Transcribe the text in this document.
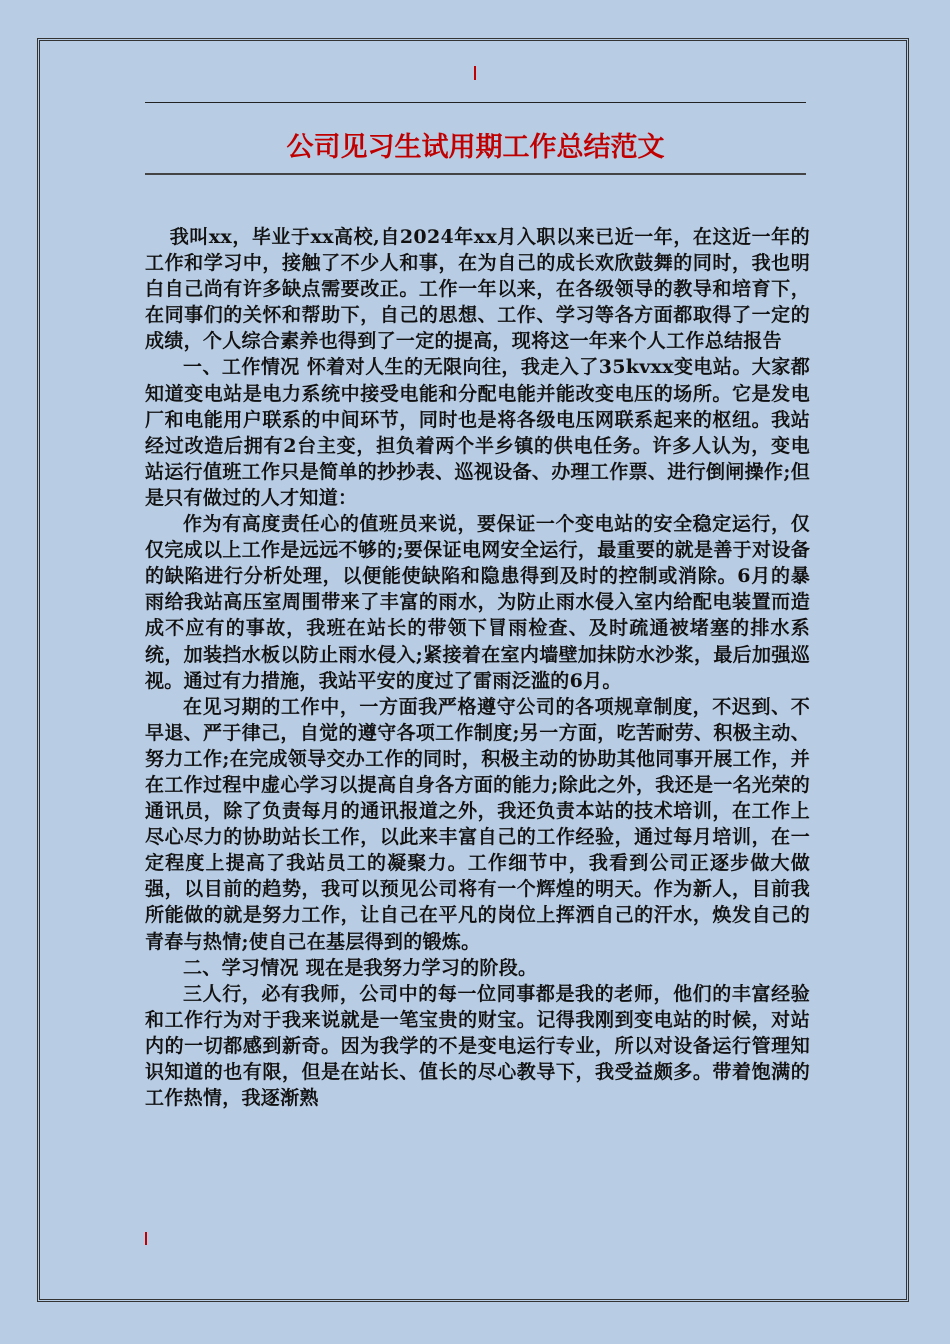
公司见习生试用期工作总结范文

我叫xx，毕业于xx高校,自2024年xx月入职以来已近一年，在这近一年的工作和学习中，接触了不少人和事，在为自己的成长欢欣鼓舞的同时，我也明白自己尚有许多缺点需要改正。工作一年以来，在各级领导的教导和培育下，在同事们的关怀和帮助下，自己的思想、工作、学习等各方面都取得了一定的成绩，个人综合素养也得到了一定的提高，现将这一年来个人工作总结报告

一、工作情况 怀着对人生的无限向往，我走入了35kvxx变电站。大家都知道变电站是电力系统中接受电能和分配电能并能改变电压的场所。它是发电厂和电能用户联系的中间环节，同时也是将各级电压网联系起来的枢纽。我站经过改造后拥有2台主变，担负着两个半乡镇的供电任务。许多人认为，变电站运行值班工作只是简单的抄抄表、巡视设备、办理工作票、进行倒闸操作;但是只有做过的人才知道：

作为有高度责任心的值班员来说，要保证一个变电站的安全稳定运行，仅仅完成以上工作是远远不够的;要保证电网安全运行，最重要的就是善于对设备的缺陷进行分析处理，以便能使缺陷和隐患得到及时的控制或消除。6月的暴雨给我站高压室周围带来了丰富的雨水，为防止雨水侵入室内给配电装置而造成不应有的事故，我班在站长的带领下冒雨检查、及时疏通被堵塞的排水系统，加装挡水板以防止雨水侵入;紧接着在室内墙壁加抹防水沙浆，最后加强巡视。通过有力措施，我站平安的度过了雷雨泛滥的6月。

在见习期的工作中，一方面我严格遵守公司的各项规章制度，不迟到、不早退、严于律己，自觉的遵守各项工作制度;另一方面，吃苦耐劳、积极主动、努力工作;在完成领导交办工作的同时，积极主动的协助其他同事开展工作，并在工作过程中虚心学习以提高自身各方面的能力;除此之外，我还是一名光荣的通讯员，除了负责每月的通讯报道之外，我还负责本站的技术培训，在工作上尽心尽力的协助站长工作，以此来丰富自己的工作经验，通过每月培训，在一定程度上提高了我站员工的凝聚力。工作细节中，我看到公司正逐步做大做强，以目前的趋势，我可以预见公司将有一个辉煌的明天。作为新人，目前我所能做的就是努力工作，让自己在平凡的岗位上挥洒自己的汗水，焕发自己的青春与热情;使自己在基层得到的锻炼。

二、学习情况 现在是我努力学习的阶段。

三人行，必有我师，公司中的每一位同事都是我的老师，他们的丰富经验和工作行为对于我来说就是一笔宝贵的财宝。记得我刚到变电站的时候，对站内的一切都感到新奇。因为我学的不是变电运行专业，所以对设备运行管理知识知道的也有限，但是在站长、值长的尽心教导下，我受益颇多。带着饱满的工作热情，我逐渐熟
